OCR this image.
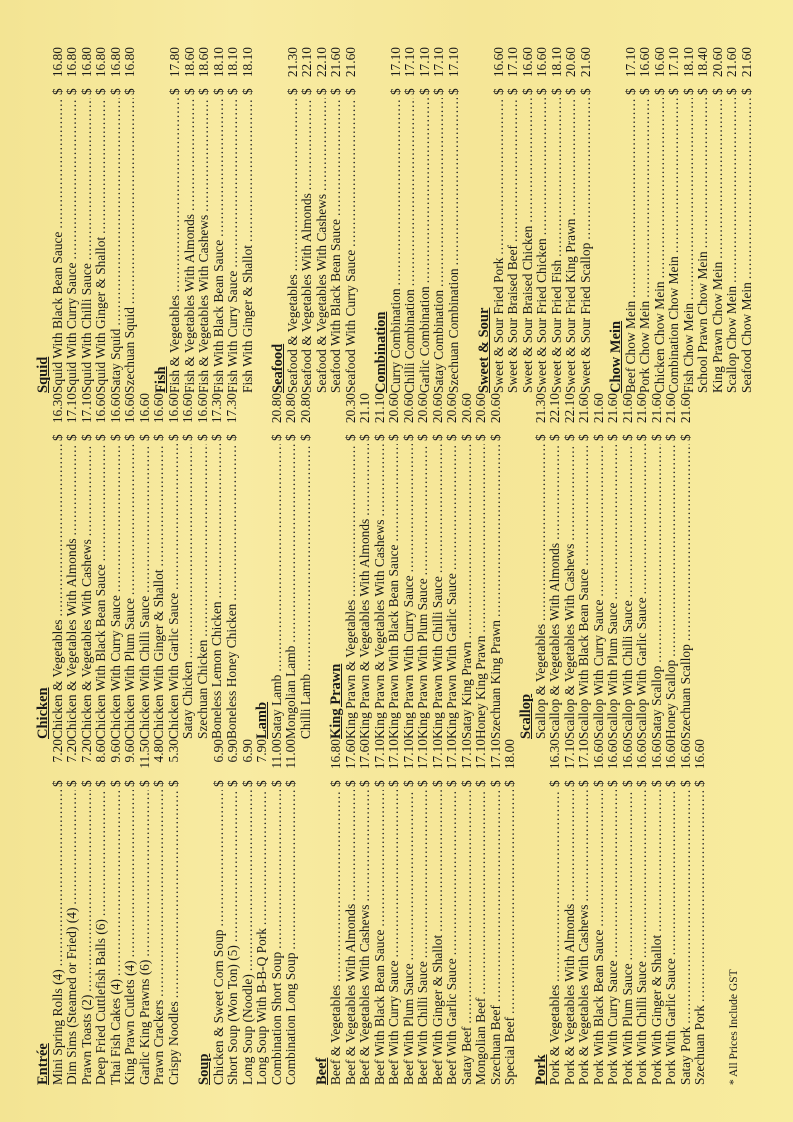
Entrée
Mini Spring Rolls (4)
.....
$
7.20
Dim Sims (Steamed or Fried) (4)
.....
$
7.20
Prawn Toasts (2)
.....
$
7.20
Deep Fried Cuttlefish Balls (6)
.....
$
8.60
Thai Fish Cakes (4)
.....
$
9.60
King Prawn Cutlets (4)
.....
$
9.60
Garlic King Prawns (6)
.....
$
11.50
Prawn Crackers
.....
$
4.80
Crispy Noodles
.....
$
5.30
Soup
Chicken & Sweet Corn Soup
.....
$
6.90
Short Soup (Won Ton) (5)
.....
$
6.90
Long Soup (Noodle)
.....
$
6.90
Long Soup With B-B-Q Pork
.....
$
7.90
Combination Short Soup
.....
$
11.00
Combination Long Soup
.....
$
11.00
Beef
Beef & Vegetables
.....
$
16.80
Beef & Vegetables With Almonds
.....
$
17.60
Beef & Vegetables With Cashews
.....
$
17.60
Beef With Black Bean Sauce
.....
$
17.10
Beef With Curry Sauce
.....
$
17.10
Beef With Plum Sauce
.....
$
17.10
Beef With Chilli Sauce
.....
$
17.10
Beef With Ginger & Shallot
.....
$
17.10
Beef With Garlic Sauce
.....
$
17.10
Satay Beef
.....
$
17.10
Mongolian Beef
.....
$
17.10
Szechuan Beef
.....
$
17.10
Special Beef
.....
$
18.00
Pork
Pork & Vegetables
.....
$
16.30
Pork & Vegetables With Almonds
.....
$
17.10
Pork & Vegetables With Cashews
.....
$
17.10
Pork With Black Bean Sauce
.....
$
16.60
Pork With Curry Sauce
.....
$
16.60
Pork With Plum Sauce
.....
$
16.60
Pork With Chilli Sauce
.....
$
16.60
Pork With Ginger & Shallot
.....
$
16.60
Pork With Garlic Sauce
.....
$
16.60
Satay Pork
.....
$
16.60
Szechuan Pork
.....
$
16.60
* All Prices Include GST
Chicken
Chicken & Vegetables
.....
$
16.30
Chicken & Vegetables With Almonds
.....
$
17.10
Chicken & Vegetables With Cashews
.....
$
17.10
Chicken With Black Bean Sauce
.....
$
16.60
Chicken With Curry Sauce
.....
$
16.60
Chicken With Plum Sauce
.....
$
16.60
Chicken With Chilli Sauce
.....
$
16.60
Chicken With Ginger & Shallot
.....
$
16.60
Chicken With Garlic Sauce
.....
$
16.60
Satay Chicken
.....
$
16.60
Szechuan Chicken
.....
$
16.60
Boneless Lemon Chicken
.....
$
17.30
Boneless Honey Chicken
.....
$
17.30
Lamb
Satay Lamb
.....
$
20.80
Mongolian Lamb
.....
$
20.80
Chilli Lamb
.....
$
20.80
King Prawn
King Prawn & Vegetables
.....
$
20.30
King Prawn & Vegetables With Almonds
.....
$
21.10
King Prawn & Vegetables With Cashews
.....
$
21.10
King Prawn With Black Bean Sauce
.....
$
20.60
King Prawn With Curry Sauce
.....
$
20.60
King Prawn With Plum Sauce
.....
$
20.60
King Prawn With Chilli Sauce
.....
$
20.60
King Prawn With Garlic Sauce
.....
$
20.60
Satay King Prawn
.....
$
20.60
Honey King Prawn
.....
$
20.60
Szechuan King Prawn
.....
$
20.60
Scallop
Scallop & Vegetables
.....
$
21.30
Scallop & Vegetables With Almonds
.....
$
22.10
Scallop & Vegetables With Cashews
.....
$
22.10
Scallop With Black Bean Sauce
.....
$
21.60
Scallop With Curry Sauce
.....
$
21.60
Scallop With Plum Sauce
.....
$
21.60
Scallop With Chilli Sauce
.....
$
21.60
Scallop With Garlic Sauce
.....
$
21.60
Satay Scallop
.....
$
21.60
Honey Scallop
.....
$
21.60
Szechuan Scallop
.....
$
21.60
Squid
Squid With Black Bean Sauce
.....
$
16.80
Squid With Curry Sauce
.....
$
16.80
Squid With Chilli Sauce
.....
$
16.80
Squid With Ginger & Shallot
.....
$
16.80
Satay Squid
.....
$
16.80
Szechuan Squid
.....
$
16.80
Fish
Fish & Vegetables
.....
$
17.80
Fish & Vegetables With Almonds
.....
$
18.60
Fish & Vegetables With Cashews
.....
$
18.60
Fish With Black Bean Sauce
.....
$
18.10
Fish With Curry Sauce
.....
$
18.10
Fish With Ginger & Shallot
.....
$
18.10
Seafood
Seafood & Vegetables
.....
$
21.30
Seafood & Vegetables With Almonds
.....
$
22.10
Seafood & Vegetables With Cashews
.....
$
22.10
Seafood With Black Bean Sauce
.....
$
21.60
Seafood With Curry Sauce
.....
$
21.60
Combination
Curry Combination
.....
$
17.10
Chilli Combination
.....
$
17.10
Garlic Combination
.....
$
17.10
Satay Combination
.....
$
17.10
Szechuan Combination
.....
$
17.10
Sweet & Sour
Sweet & Sour Fried Pork
.....
$
16.60
Sweet & Sour Braised Beef
.....
$
17.10
Sweet & Sour Braised Chicken
.....
$
16.60
Sweet & Sour Fried Chicken
.....
$
16.60
Sweet & Sour Fried Fish
.....
$
18.10
Sweet & Sour Fried King Prawn
.....
$
20.60
Sweet & Sour Fried Scallop
.....
$
21.60
Chow Mein
Beef Chow Mein
.....
$
17.10
Pork Chow Mein
.....
$
16.60
Chicken Chow Mein
.....
$
16.60
Combination Chow Mein
.....
$
17.10
Fish Chow Mein
.....
$
18.10
School Prawn Chow Mein
.....
$
18.40
King Prawn Chow Mein
.....
$
20.60
Scallop Chow Mein
.....
$
21.60
Seafood Chow Mein
.....
$
21.60
